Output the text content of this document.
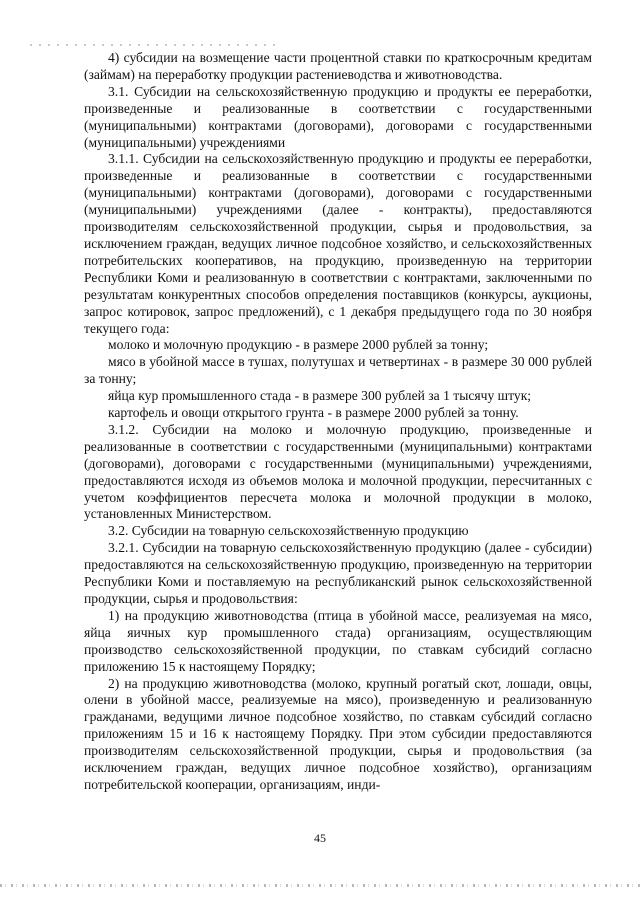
4) субсидии на возмещение части процентной ставки по краткосрочным кредитам (займам) на переработку продукции растениеводства и животноводства.

3.1. Субсидии на сельскохозяйственную продукцию и продукты ее переработки, произведенные и реализованные в соответствии с государственными (муниципальными) контрактами (договорами), договорами с государственными (муниципальными) учреждениями

3.1.1. Субсидии на сельскохозяйственную продукцию и продукты ее переработки, произведенные и реализованные в соответствии с государственными (муниципальными) контрактами (договорами), договорами с государственными (муниципальными) учреждениями (далее - контракты), предоставляются производителям сельскохозяйственной продукции, сырья и продовольствия, за исключением граждан, ведущих личное подсобное хозяйство, и сельскохозяйственных потребительских кооперативов, на продукцию, произведенную на территории Республики Коми и реализованную в соответствии с контрактами, заключенными по результатам конкурентных способов определения поставщиков (конкурсы, аукционы, запрос котировок, запрос предложений), с 1 декабря предыдущего года по 30 ноября текущего года:

молоко и молочную продукцию - в размере 2000 рублей за тонну;

мясо в убойной массе в тушах, полутушах и четвертинах - в размере 30 000 рублей за тонну;

яйца кур промышленного стада - в размере 300 рублей за 1 тысячу штук;

картофель и овощи открытого грунта - в размере 2000 рублей за тонну.

3.1.2. Субсидии на молоко и молочную продукцию, произведенные и реализованные в соответствии с государственными (муниципальными) контрактами (договорами), договорами с государственными (муниципальными) учреждениями, предоставляются исходя из объемов молока и молочной продукции, пересчитанных с учетом коэффициентов пересчета молока и молочной продукции в молоко, установленных Министерством.

3.2. Субсидии на товарную сельскохозяйственную продукцию

3.2.1. Субсидии на товарную сельскохозяйственную продукцию (далее - субсидии) предоставляются на сельскохозяйственную продукцию, произведенную на территории Республики Коми и поставляемую на республиканский рынок сельскохозяйственной продукции, сырья и продовольствия:

1) на продукцию животноводства (птица в убойной массе, реализуемая на мясо, яйца яичных кур промышленного стада) организациям, осуществляющим производство сельскохозяйственной продукции, по ставкам субсидий согласно приложению 15 к настоящему Порядку;

2) на продукцию животноводства (молоко, крупный рогатый скот, лошади, овцы, олени в убойной массе, реализуемые на мясо), произведенную и реализованную гражданами, ведущими личное подсобное хозяйство, по ставкам субсидий согласно приложениям 15 и 16 к настоящему Порядку. При этом субсидии предоставляются производителям сельскохозяйственной продукции, сырья и продовольствия (за исключением граждан, ведущих личное подсобное хозяйство), организациям потребительской кооперации, организациям, инди-

45
